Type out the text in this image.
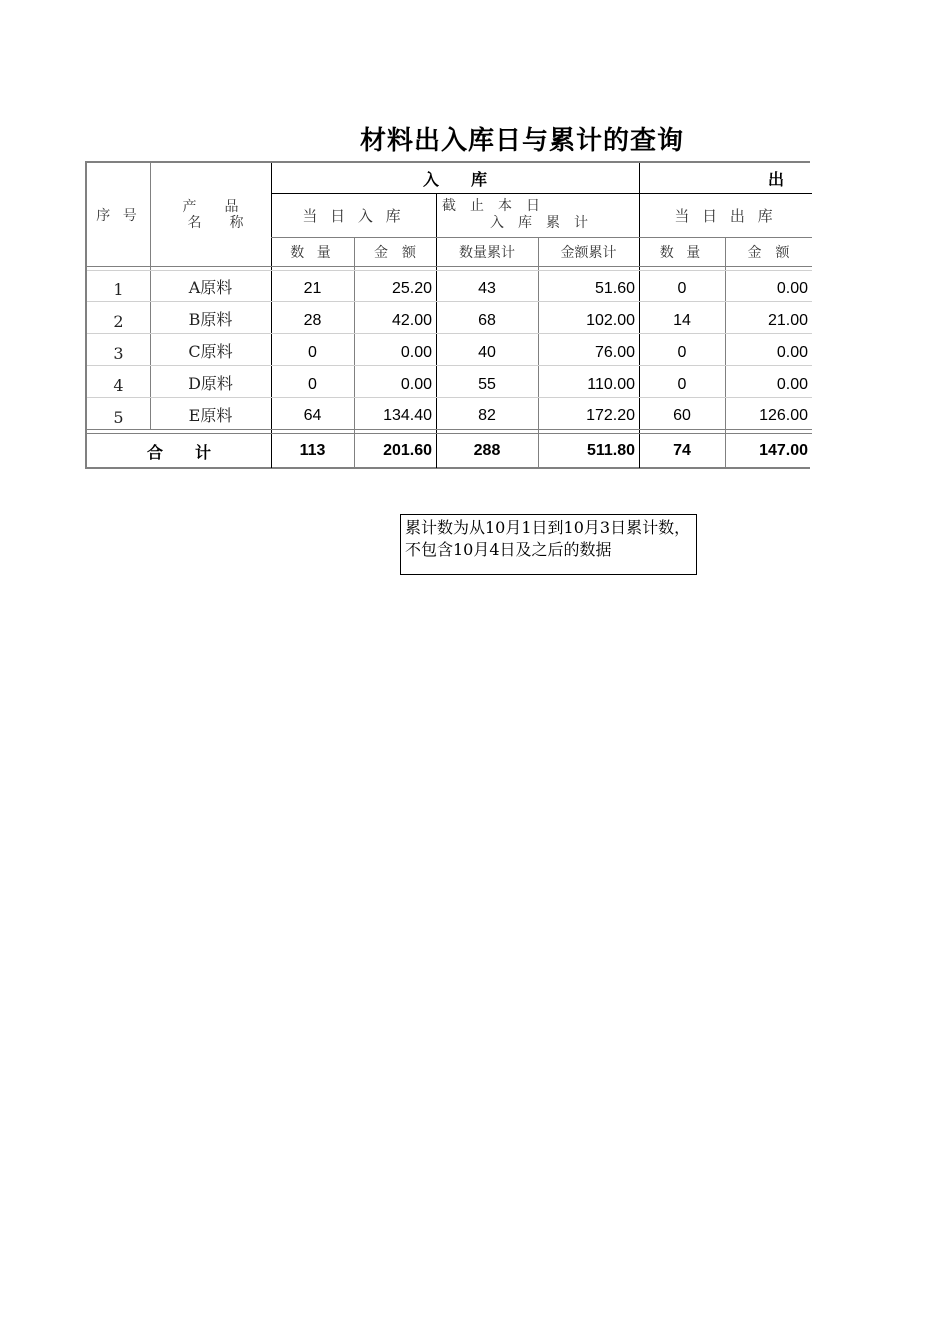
材料出入库日与累计的查询
序 号
产　　品
名　　称
入　　库	出
当 日 入 库
截　止　本　日
入　库　累　计	当 日 出 库
数 量	金　额	数量累计	金额累计	数 量	金　额
1	A原料	21	25.20	43	51.60	0	0.00
2	B原料	28	42.00	68	102.00	14	21.00
3	C原料	0	0.00	40	76.00	0	0.00
4	D原料	0	0.00	55	110.00	0	0.00
5	E原料	64	134.40	82	172.20	60	126.00
合　　计	113	201.60	288	511.80	74	147.00
累计数为从10月1日到10月3日累计数，不包含10月4日及之后的数据
